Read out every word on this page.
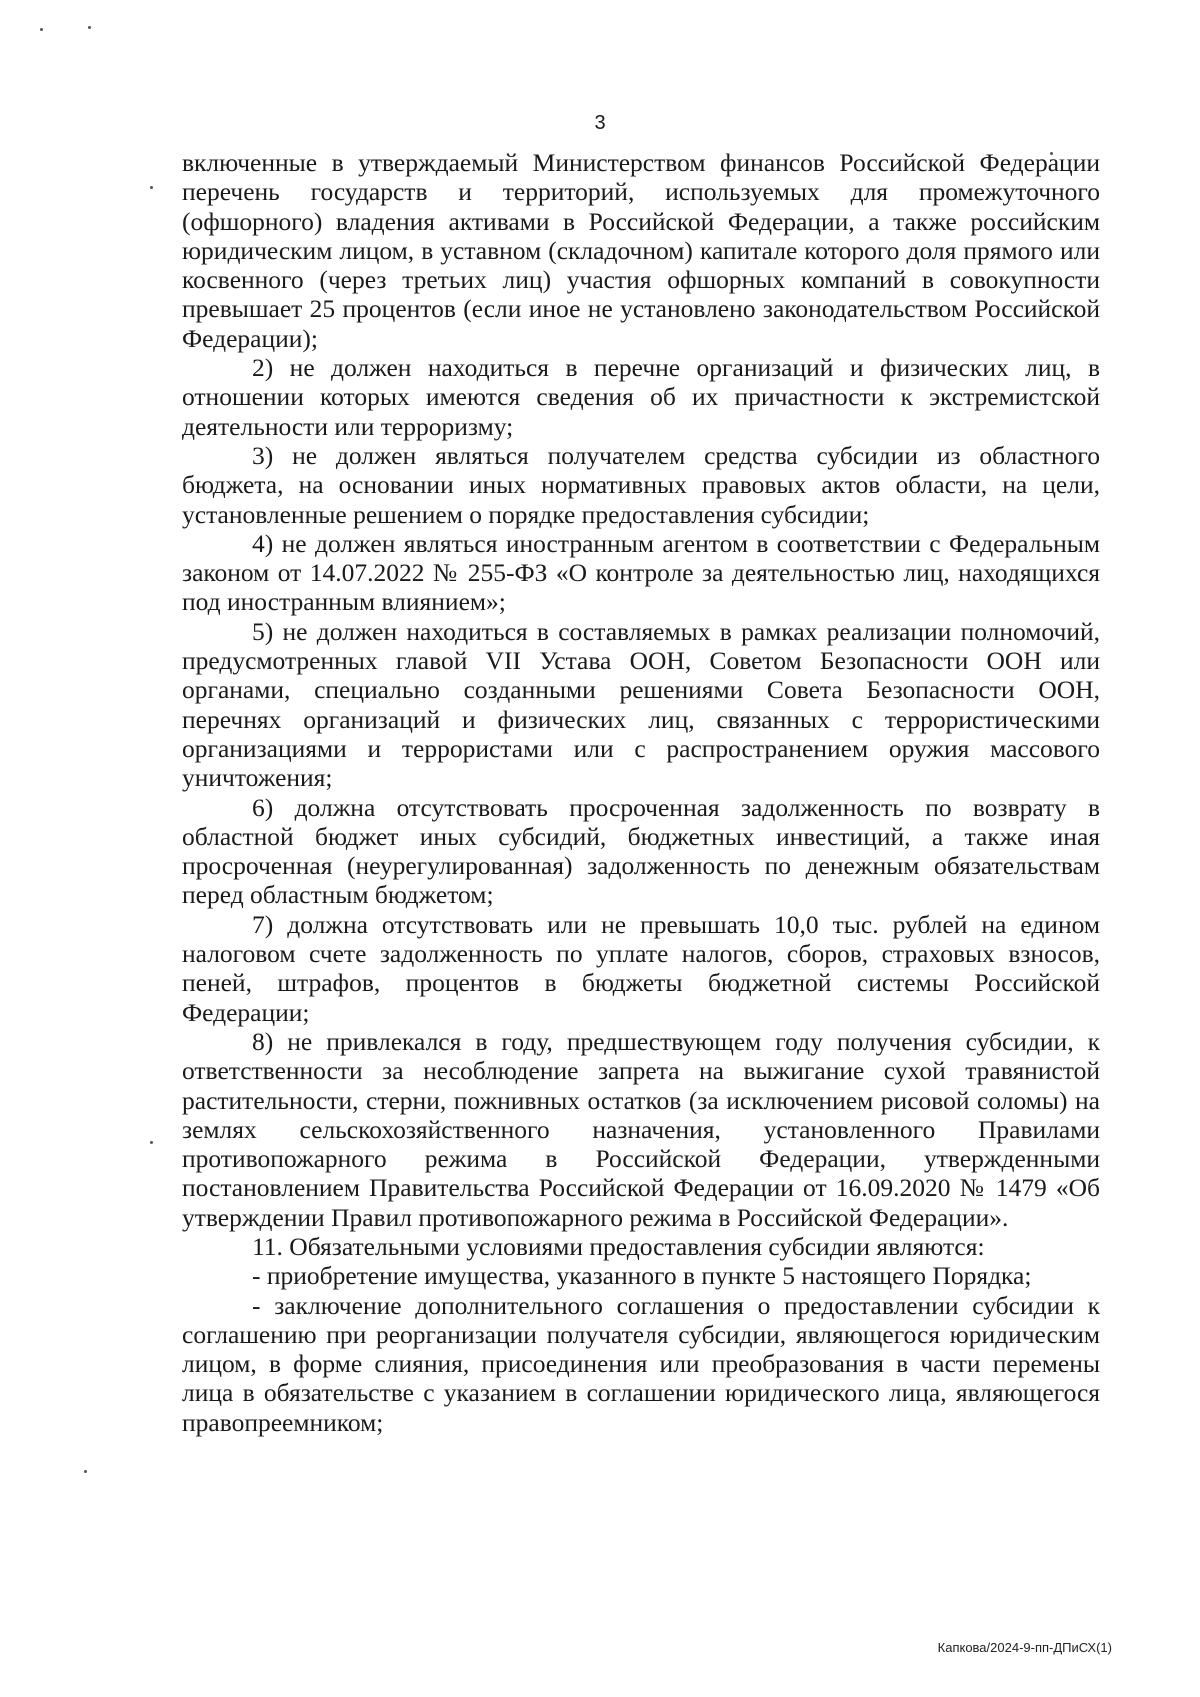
3

включенные в утверждаемый Министерством финансов Российской Федерации перечень государств и территорий, используемых для промежуточного (офшорного) владения активами в Российской Федерации, а также российским юридическим лицом, в уставном (складочном) капитале которого доля прямого или косвенного (через третьих лиц) участия офшорных компаний в совокупности превышает 25 процентов (если иное не установлено законодательством Российской Федерации);

2) не должен находиться в перечне организаций и физических лиц, в отношении которых имеются сведения об их причастности к экстремистской деятельности или терроризму;

3) не должен являться получателем средства субсидии из областного бюджета, на основании иных нормативных правовых актов области, на цели, установленные решением о порядке предоставления субсидии;

4) не должен являться иностранным агентом в соответствии с Федеральным законом от 14.07.2022 № 255-ФЗ «О контроле за деятельностью лиц, находящихся под иностранным влиянием»;

5) не должен находиться в составляемых в рамках реализации полномочий, предусмотренных главой VII Устава ООН, Советом Безопасности ООН или органами, специально созданными решениями Совета Безопасности ООН, перечнях организаций и физических лиц, связанных с террористическими организациями и террористами или с распространением оружия массового уничтожения;

6) должна отсутствовать просроченная задолженность по возврату в областной бюджет иных субсидий, бюджетных инвестиций, а также иная просроченная (неурегулированная) задолженность по денежным обязательствам перед областным бюджетом;

7) должна отсутствовать или не превышать 10,0 тыс. рублей на едином налоговом счете задолженность по уплате налогов, сборов, страховых взносов, пеней, штрафов, процентов в бюджеты бюджетной системы Российской Федерации;

8) не привлекался в году, предшествующем году получения субсидии, к ответственности за несоблюдение запрета на выжигание сухой травянистой растительности, стерни, пожнивных остатков (за исключением рисовой соломы) на землях сельскохозяйственного назначения, установленного Правилами противопожарного режима в Российской Федерации, утвержденными постановлением Правительства Российской Федерации от 16.09.2020 № 1479 «Об утверждении Правил противопожарного режима в Российской Федерации».

11. Обязательными условиями предоставления субсидии являются:

- приобретение имущества, указанного в пункте 5 настоящего Порядка;

- заключение дополнительного соглашения о предоставлении субсидии к соглашению при реорганизации получателя субсидии, являющегося юридическим лицом, в форме слияния, присоединения или преобразования в части перемены лица в обязательстве с указанием в соглашении юридического лица, являющегося правопреемником;

Капкова/2024-9-пп-ДПиСХ(1)
